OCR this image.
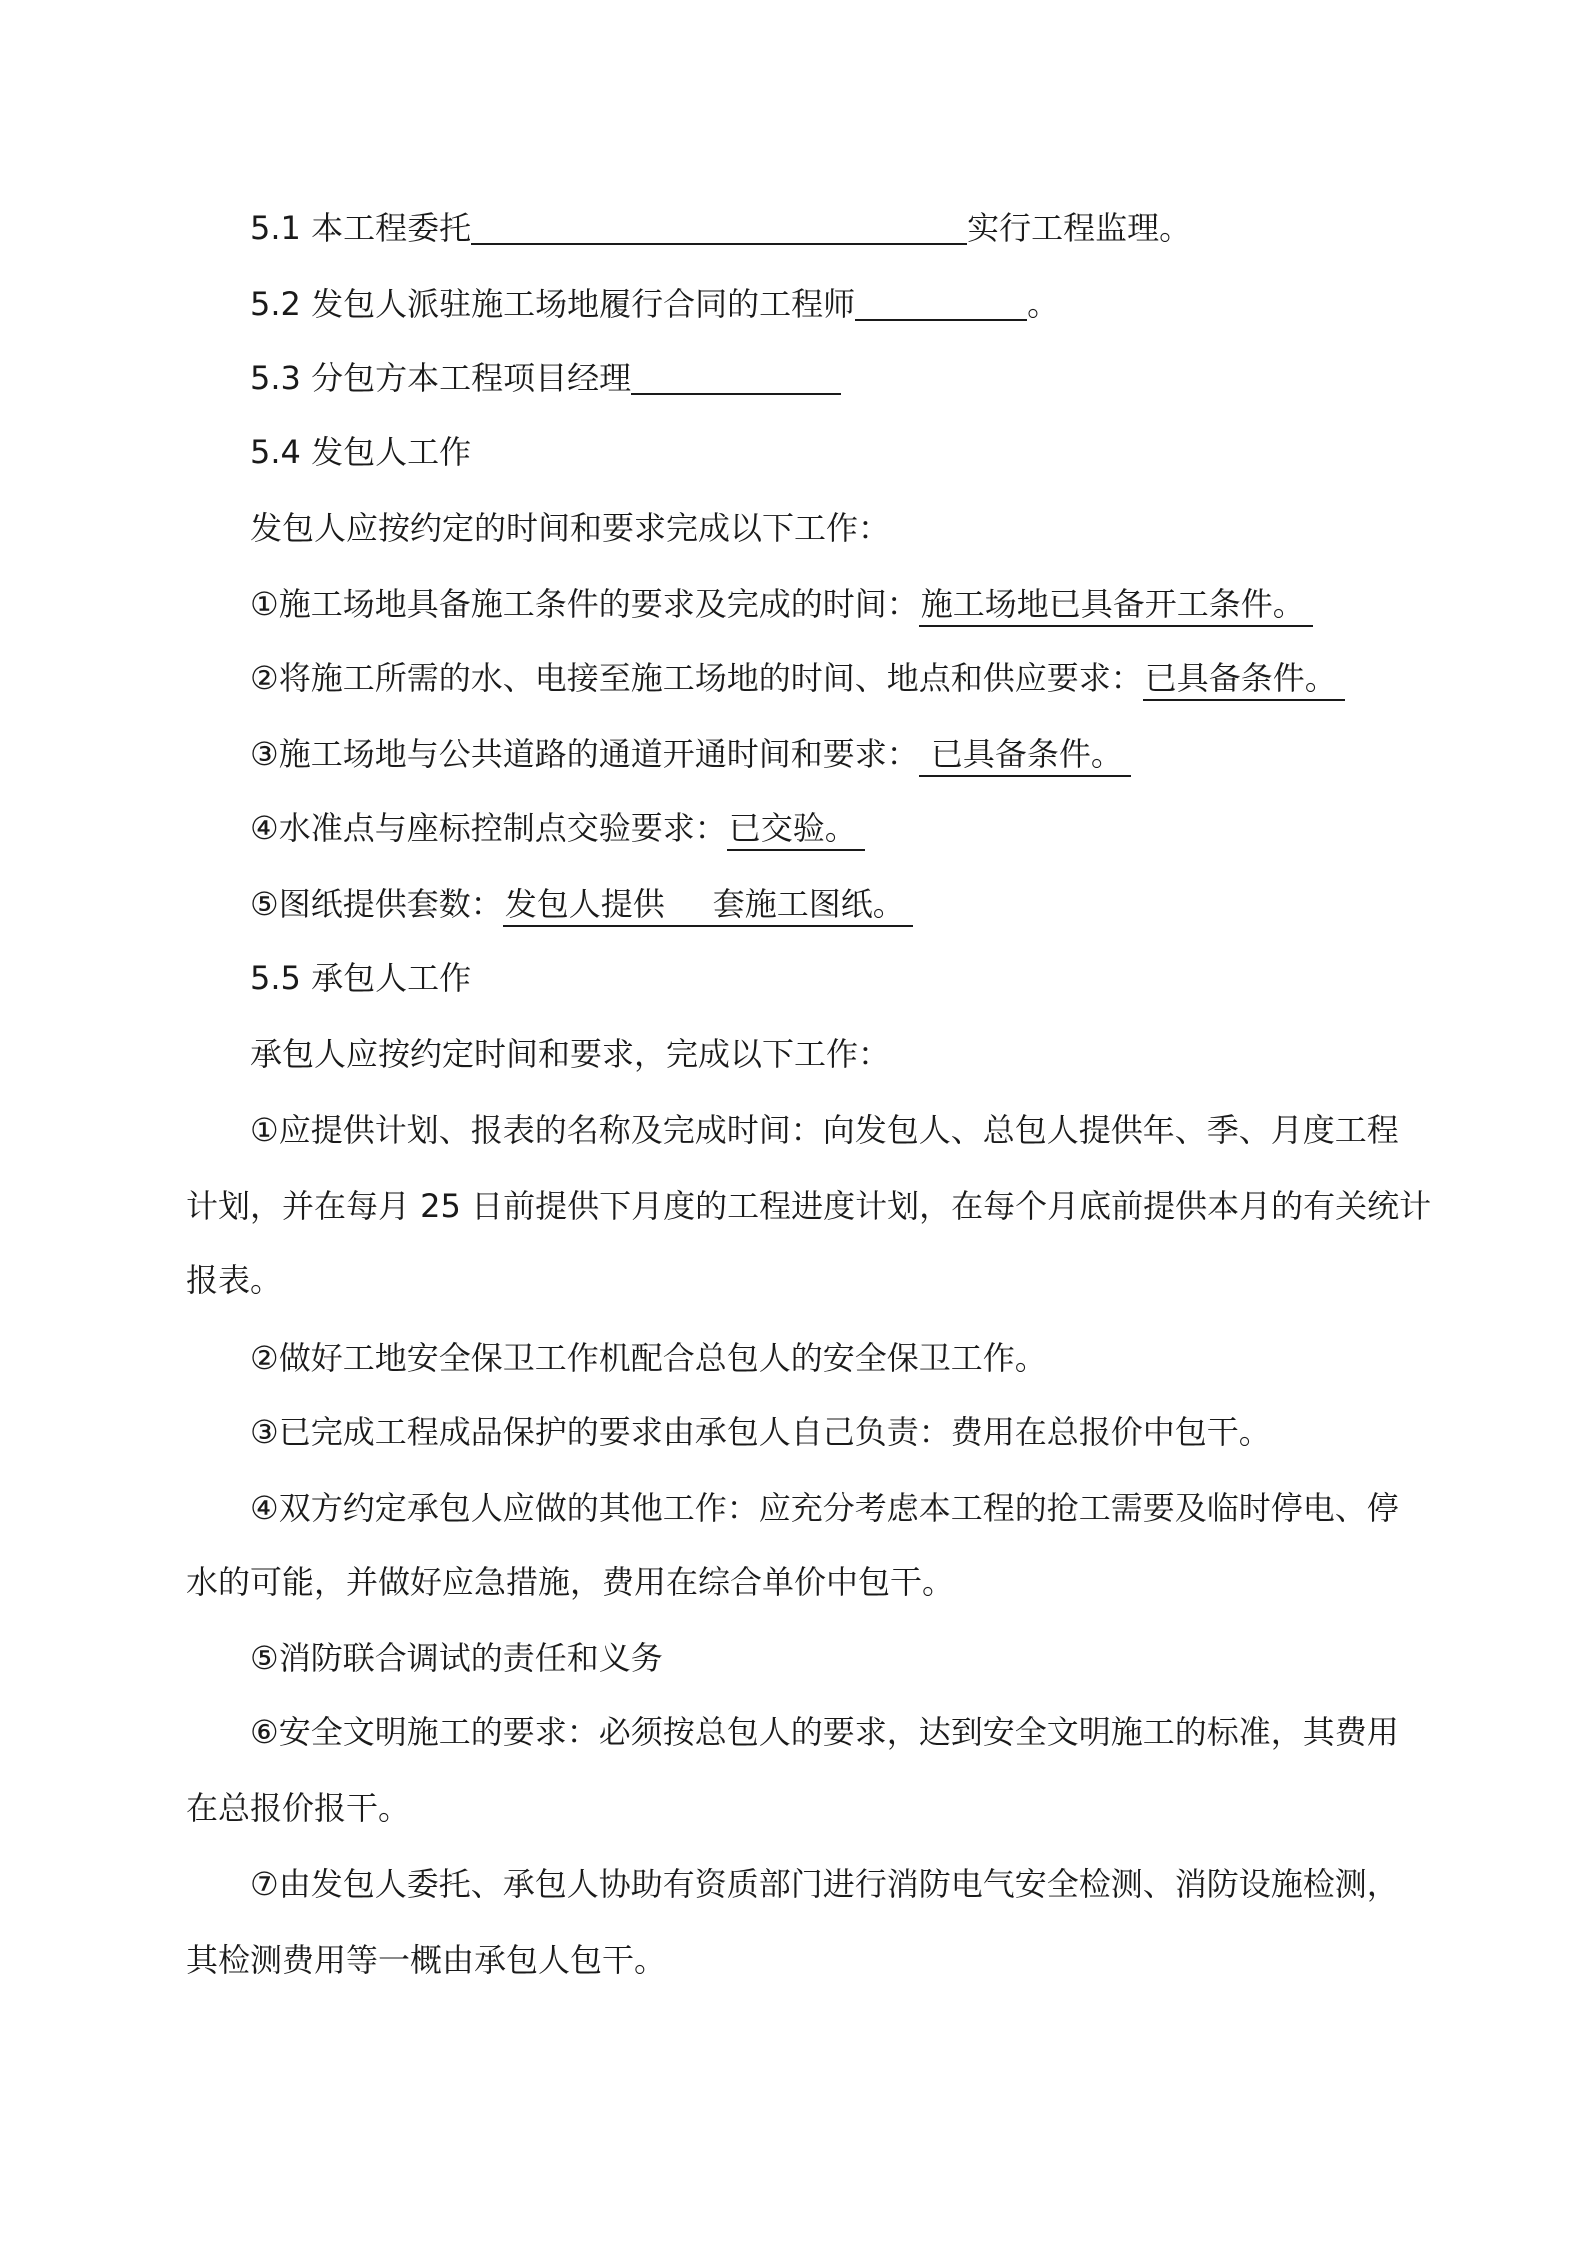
5.1 本工程委托	实行工程监理。
5.2 发包人派驻施工场地履行合同的工程师	。
5.3 分包方本工程项目经理
5.4 发包人工作
发包人应按约定的时间和要求完成以下工作：
①施工场地具备施工条件的要求及完成的时间：施工场地已具备开工条件。
②将施工所需的水、电接至施工场地的时间、地点和供应要求：已具备条件。
③施工场地与公共道路的通道开通时间和要求： 已具备条件。
④水准点与座标控制点交验要求：已交验。
⑤图纸提供套数：发包人提供 套施工图纸。
5.5 承包人工作
承包人应按约定时间和要求，完成以下工作：
①应提供计划、报表的名称及完成时间：向发包人、总包人提供年、季、月度工程
计划，并在每月 25 日前提供下月度的工程进度计划，在每个月底前提供本月的有关统计
报表。
②做好工地安全保卫工作机配合总包人的安全保卫工作。
③已完成工程成品保护的要求由承包人自己负责：费用在总报价中包干。
④双方约定承包人应做的其他工作：应充分考虑本工程的抢工需要及临时停电、停
水的可能，并做好应急措施，费用在综合单价中包干。
⑤消防联合调试的责任和义务
⑥安全文明施工的要求：必须按总包人的要求，达到安全文明施工的标准，其费用
在总报价报干。
⑦由发包人委托、承包人协助有资质部门进行消防电气安全检测、消防设施检测，
其检测费用等一概由承包人包干。
